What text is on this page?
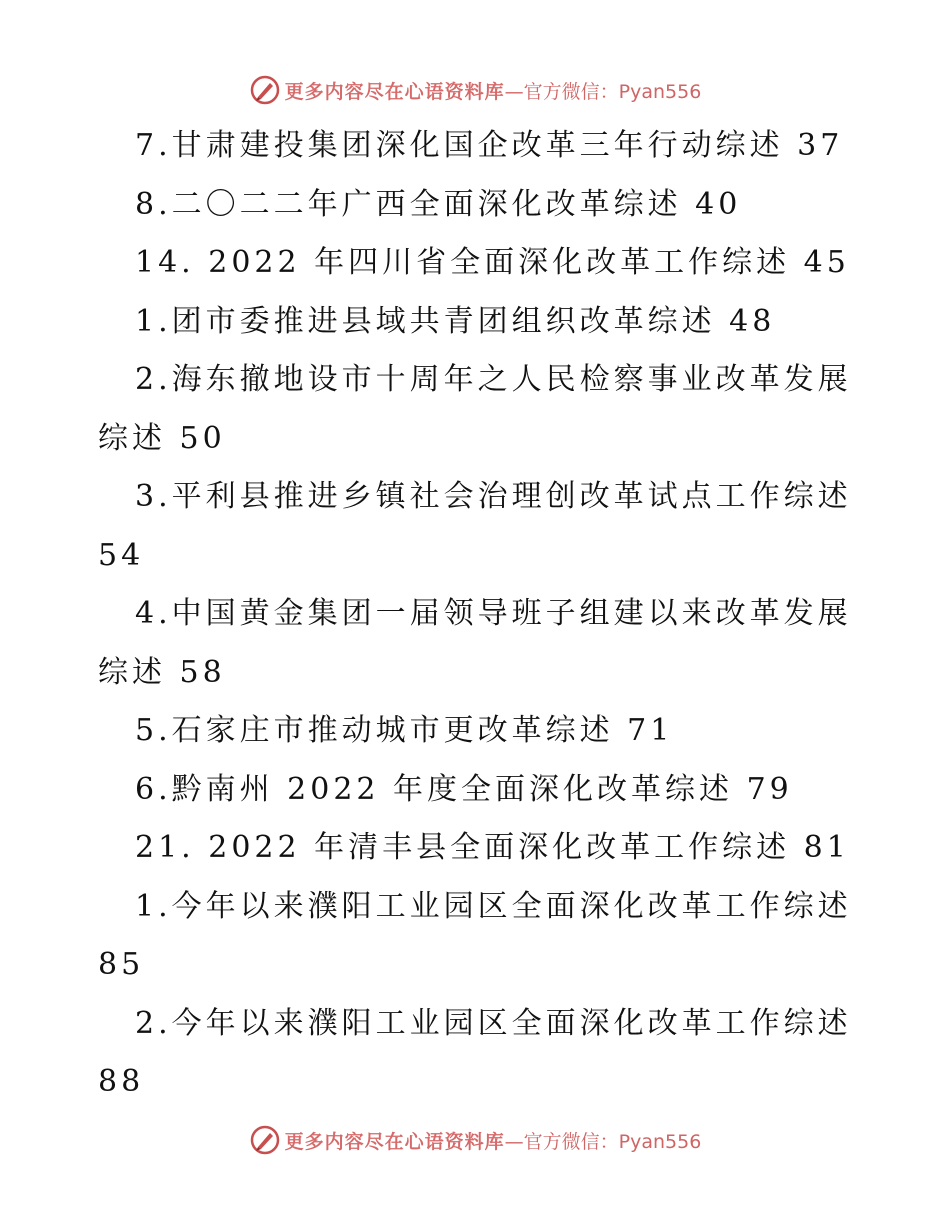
更多内容尽在心语资料库—官方微信：Pyan556
7.甘肃建投集团深化国企改革三年行动综述 37
8.二〇二二年广西全面深化改革综述 40
14. 2022 年四川省全面深化改革工作综述 45
1.团市委推进县域共青团组织改革综述 48
2.海东撤地设市十周年之人民检察事业改革发展综述 50
3.平利县推进乡镇社会治理创改革试点工作综述 54
4.中国黄金集团一届领导班子组建以来改革发展综述 58
5.石家庄市推动城市更改革综述 71
6.黔南州 2022 年度全面深化改革综述 79
21. 2022 年清丰县全面深化改革工作综述 81
1.今年以来濮阳工业园区全面深化改革工作综述 85
2.今年以来濮阳工业园区全面深化改革工作综述 88
更多内容尽在心语资料库—官方微信：Pyan556
